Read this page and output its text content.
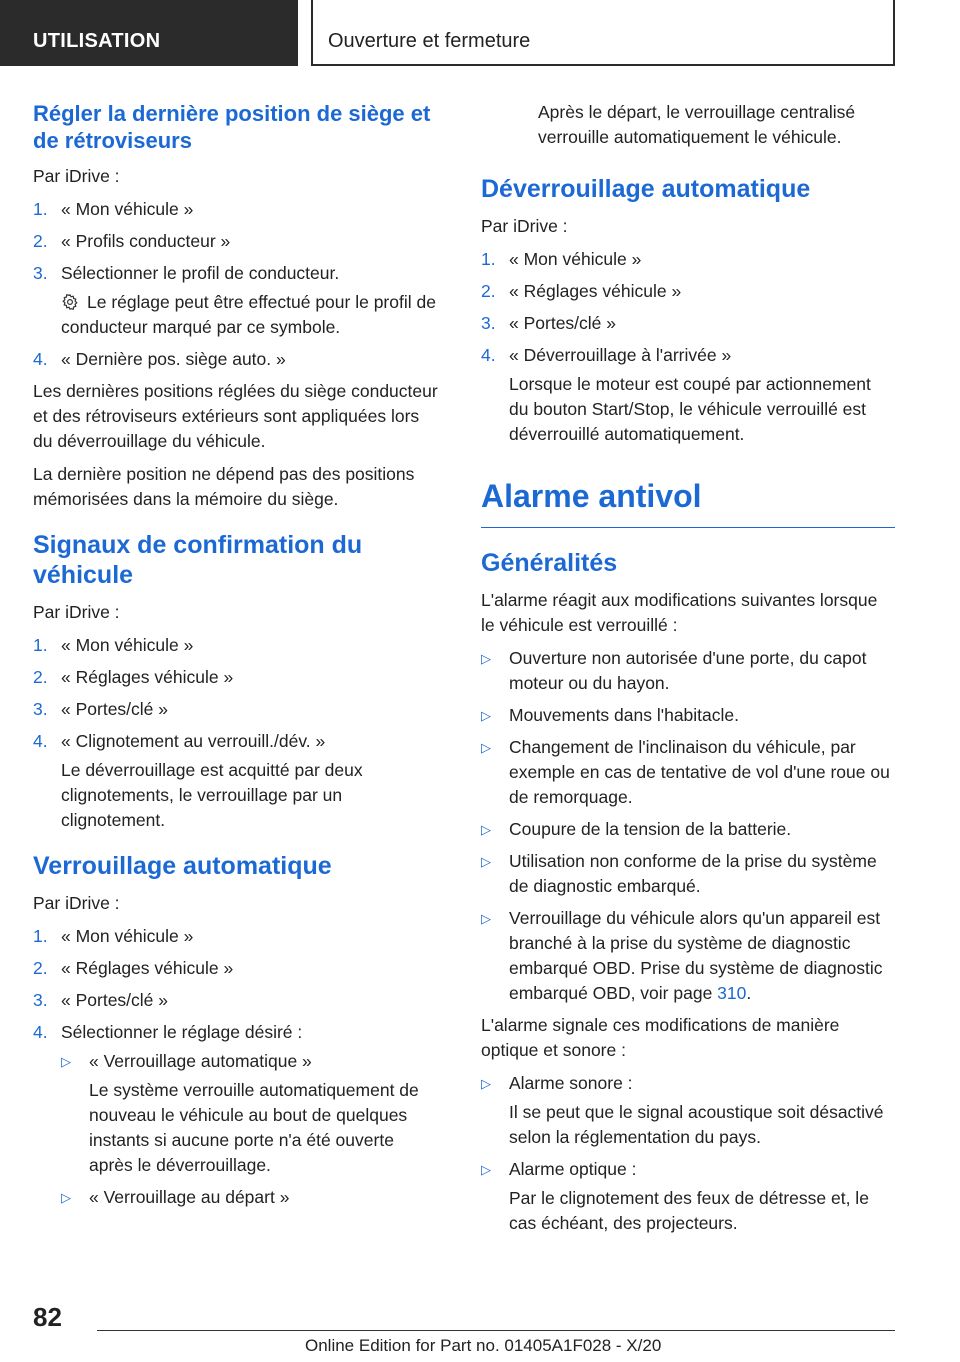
UTILISATION	Ouverture et fermeture
Régler la dernière position de siège et de rétroviseurs

Par iDrive :

1. « Mon véhicule »
2. « Profils conducteur »
3. Sélectionner le profil de conducteur.
Le réglage peut être effectué pour le profil de conducteur marqué par ce symbole.
4. « Dernière pos. siège auto. »

Les dernières positions réglées du siège conducteur et des rétroviseurs extérieurs sont appliquées lors du déverrouillage du véhicule.

La dernière position ne dépend pas des positions mémorisées dans la mémoire du siège.

Signaux de confirmation du véhicule

Par iDrive :

1. « Mon véhicule »
2. « Réglages véhicule »
3. « Portes/clé »
4. « Clignotement au verrouill./dév. »
Le déverrouillage est acquitté par deux clignotements, le verrouillage par un clignotement.
Verrouillage automatique

Par iDrive :

1. « Mon véhicule »
2. « Réglages véhicule »
3. « Portes/clé »
4. Sélectionner le réglage désiré :
▷ « Verrouillage automatique »
Le système verrouille automatiquement de nouveau le véhicule au bout de quelques instants si aucune porte n'a été ouverte après le déverrouillage.
▷ « Verrouillage au départ »

Après le départ, le verrouillage centralisé verrouille automatiquement le véhicule.

Déverrouillage automatique

Par iDrive :

1. « Mon véhicule »
2. « Réglages véhicule »
3. « Portes/clé »
4. « Déverrouillage à l'arrivée »
Lorsque le moteur est coupé par actionnement du bouton Start/Stop, le véhicule verrouillé est déverrouillé automatiquement.
Alarme antivol
Généralités

L'alarme réagit aux modifications suivantes lorsque le véhicule est verrouillé :

▷ Ouverture non autorisée d'une porte, du capot moteur ou du hayon.
▷ Mouvements dans l'habitacle.
▷ Changement de l'inclinaison du véhicule, par exemple en cas de tentative de vol d'une roue ou de remorquage.
▷ Coupure de la tension de la batterie.
▷ Utilisation non conforme de la prise du système de diagnostic embarqué.
▷ Verrouillage du véhicule alors qu'un appareil est branché à la prise du système de diagnostic embarqué OBD. Prise du système de diagnostic embarqué OBD, voir page 310.

L'alarme signale ces modifications de manière optique et sonore :

▷ Alarme sonore :
Il se peut que le signal acoustique soit désactivé selon la réglementation du pays.
▷ Alarme optique :
Par le clignotement des feux de détresse et, le cas échéant, des projecteurs.
82
Online Edition for Part no. 01405A1F028 - X/20
